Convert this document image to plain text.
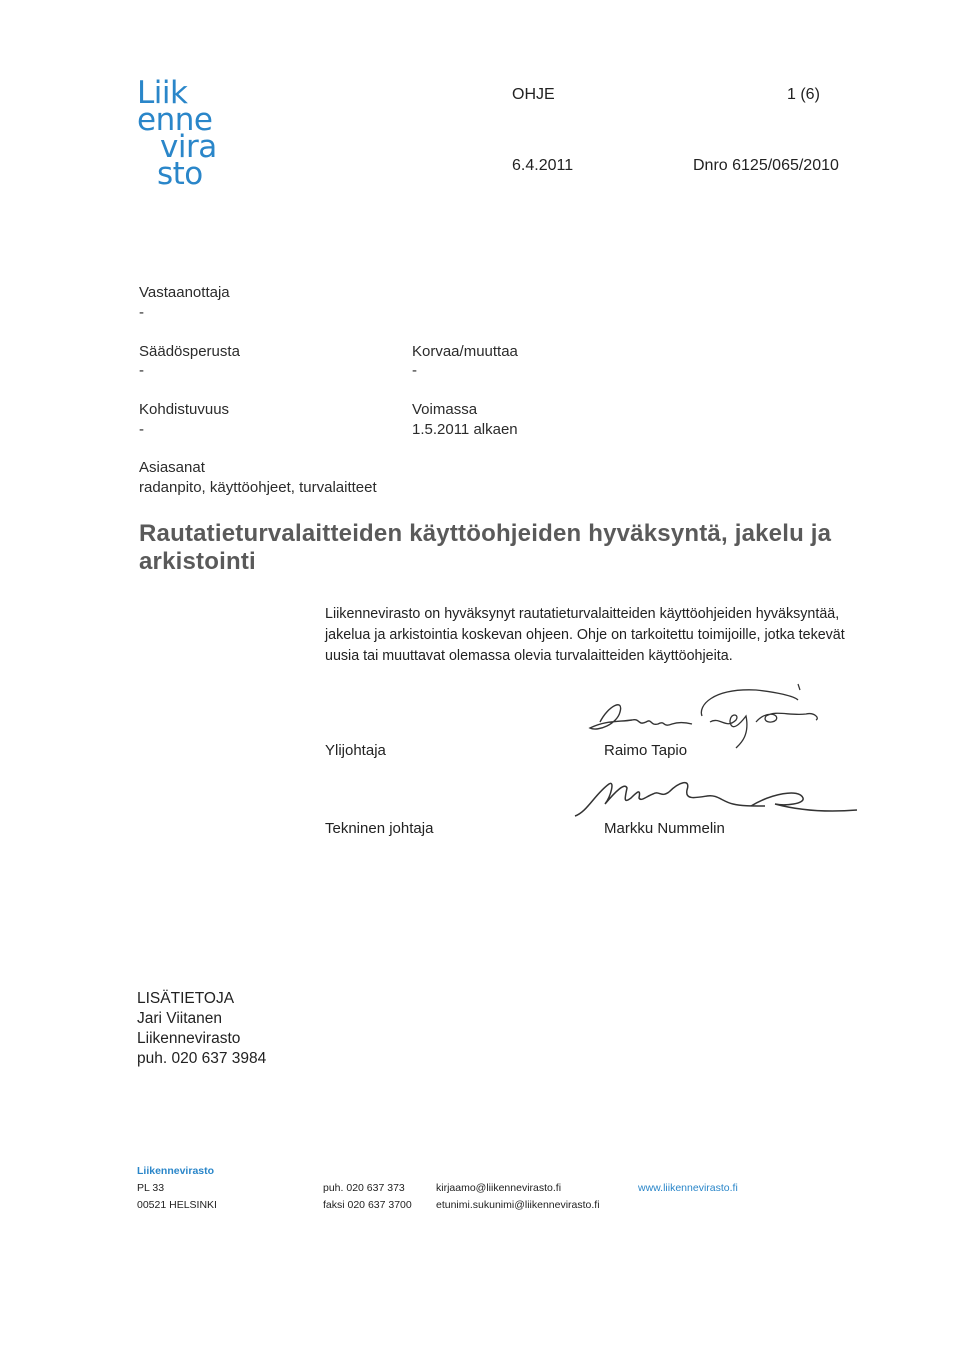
Liik
enne
vira
sto
OHJE	1 (6)
6.4.2011	Dnro 6125/065/2010
Vastaanottaja
-
Säädösperusta
-
Korvaa/muuttaa
-
Kohdistuvuus
-
Voimassa
1.5.2011 alkaen
Asiasanat
radanpito, käyttöohjeet, turvalaitteet
Rautatieturvalaitteiden käyttöohjeiden hyväksyntä, jakelu ja arkistointi
Liikennevirasto on hyväksynyt rautatieturvalaitteiden käyttöohjeiden hyväksyntää, jakelua ja arkistointia koskevan ohjeen. Ohje on tarkoitettu toimijoille, jotka tekevät uusia tai muuttavat olemassa olevia turvalaitteiden käyttöohjeita.
Ylijohtaja	Raimo Tapio
Tekninen johtaja	Markku Nummelin
LISÄTIETOJA
Jari Viitanen
Liikennevirasto
puh. 020 637 3984
Liikennevirasto
PL 33
00521 HELSINKI
puh. 020 637 373
faksi 020 637 3700
kirjaamo@liikennevirasto.fi
etunimi.sukunimi@liikennevirasto.fi
www.liikennevirasto.fi
